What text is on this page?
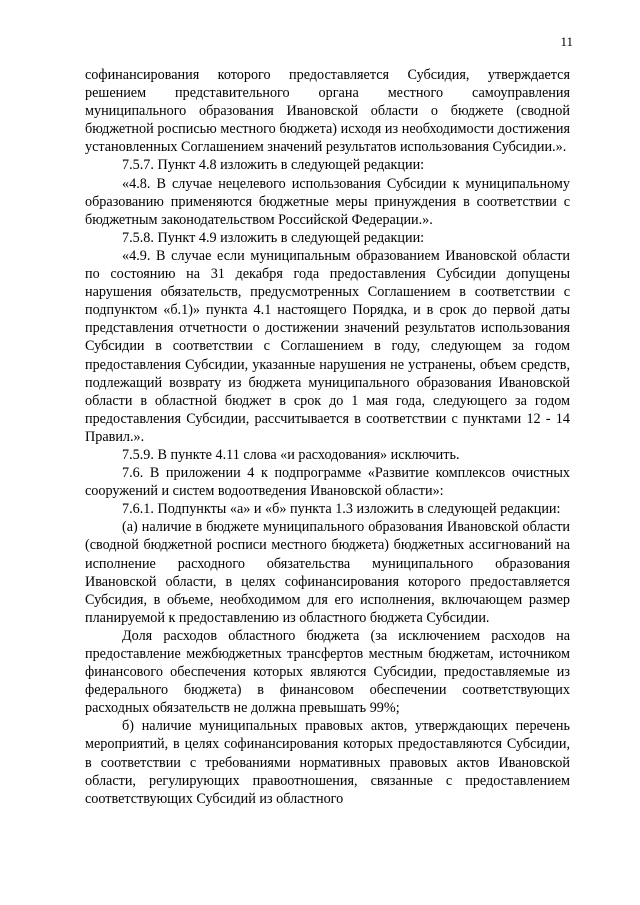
11

софинансирования которого предоставляется Субсидия, утверждается решением представительного органа местного самоуправления муниципального образования Ивановской области о бюджете (сводной бюджетной росписью местного бюджета) исходя из необходимости достижения установленных Соглашением значений результатов использования Субсидии.».

7.5.7. Пункт 4.8 изложить в следующей редакции:

«4.8. В случае нецелевого использования Субсидии к муниципальному образованию применяются бюджетные меры принуждения в соответствии с бюджетным законодательством Российской Федерации.».

7.5.8. Пункт 4.9 изложить в следующей редакции:

«4.9. В случае если муниципальным образованием Ивановской области по состоянию на 31 декабря года предоставления Субсидии допущены нарушения обязательств, предусмотренных Соглашением в соответствии с подпунктом «б.1)» пункта 4.1 настоящего Порядка, и в срок до первой даты представления отчетности о достижении значений результатов использования Субсидии в соответствии с Соглашением в году, следующем за годом предоставления Субсидии, указанные нарушения не устранены, объем средств, подлежащий возврату из бюджета муниципального образования Ивановской области в областной бюджет в срок до 1 мая года, следующего за годом предоставления Субсидии, рассчитывается в соответствии с пунктами 12 - 14 Правил.».

7.5.9. В пункте 4.11 слова «и расходования» исключить.

7.6. В приложении 4 к подпрограмме «Развитие комплексов очистных сооружений и систем водоотведения Ивановской области»:

7.6.1. Подпункты «а» и «б» пункта 1.3 изложить в следующей редакции:

(а) наличие в бюджете муниципального образования Ивановской области (сводной бюджетной росписи местного бюджета) бюджетных ассигнований на исполнение расходного обязательства муниципального образования Ивановской области, в целях софинансирования которого предоставляется Субсидия, в объеме, необходимом для его исполнения, включающем размер планируемой к предоставлению из областного бюджета Субсидии.

Доля расходов областного бюджета (за исключением расходов на предоставление межбюджетных трансфертов местным бюджетам, источником финансового обеспечения которых являются Субсидии, предоставляемые из федерального бюджета) в финансовом обеспечении соответствующих расходных обязательств не должна превышать 99%;

б) наличие муниципальных правовых актов, утверждающих перечень мероприятий, в целях софинансирования которых предоставляются Субсидии, в соответствии с требованиями нормативных правовых актов Ивановской области, регулирующих правоотношения, связанные с предоставлением соответствующих Субсидий из областного
